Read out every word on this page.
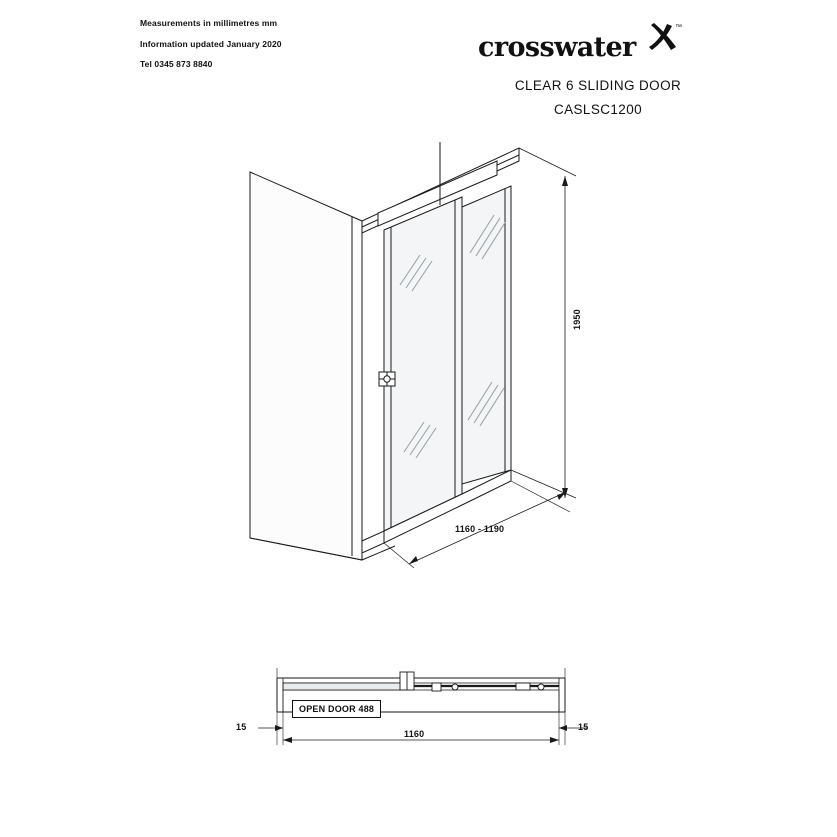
Measurements in millimetres mm
Information updated January 2020
Tel 0345 873 8840
crosswater
™
CLEAR 6 SLIDING DOOR
CASLSC1200
1950
1160 - 1190
OPEN DOOR 488
15	15
1160
